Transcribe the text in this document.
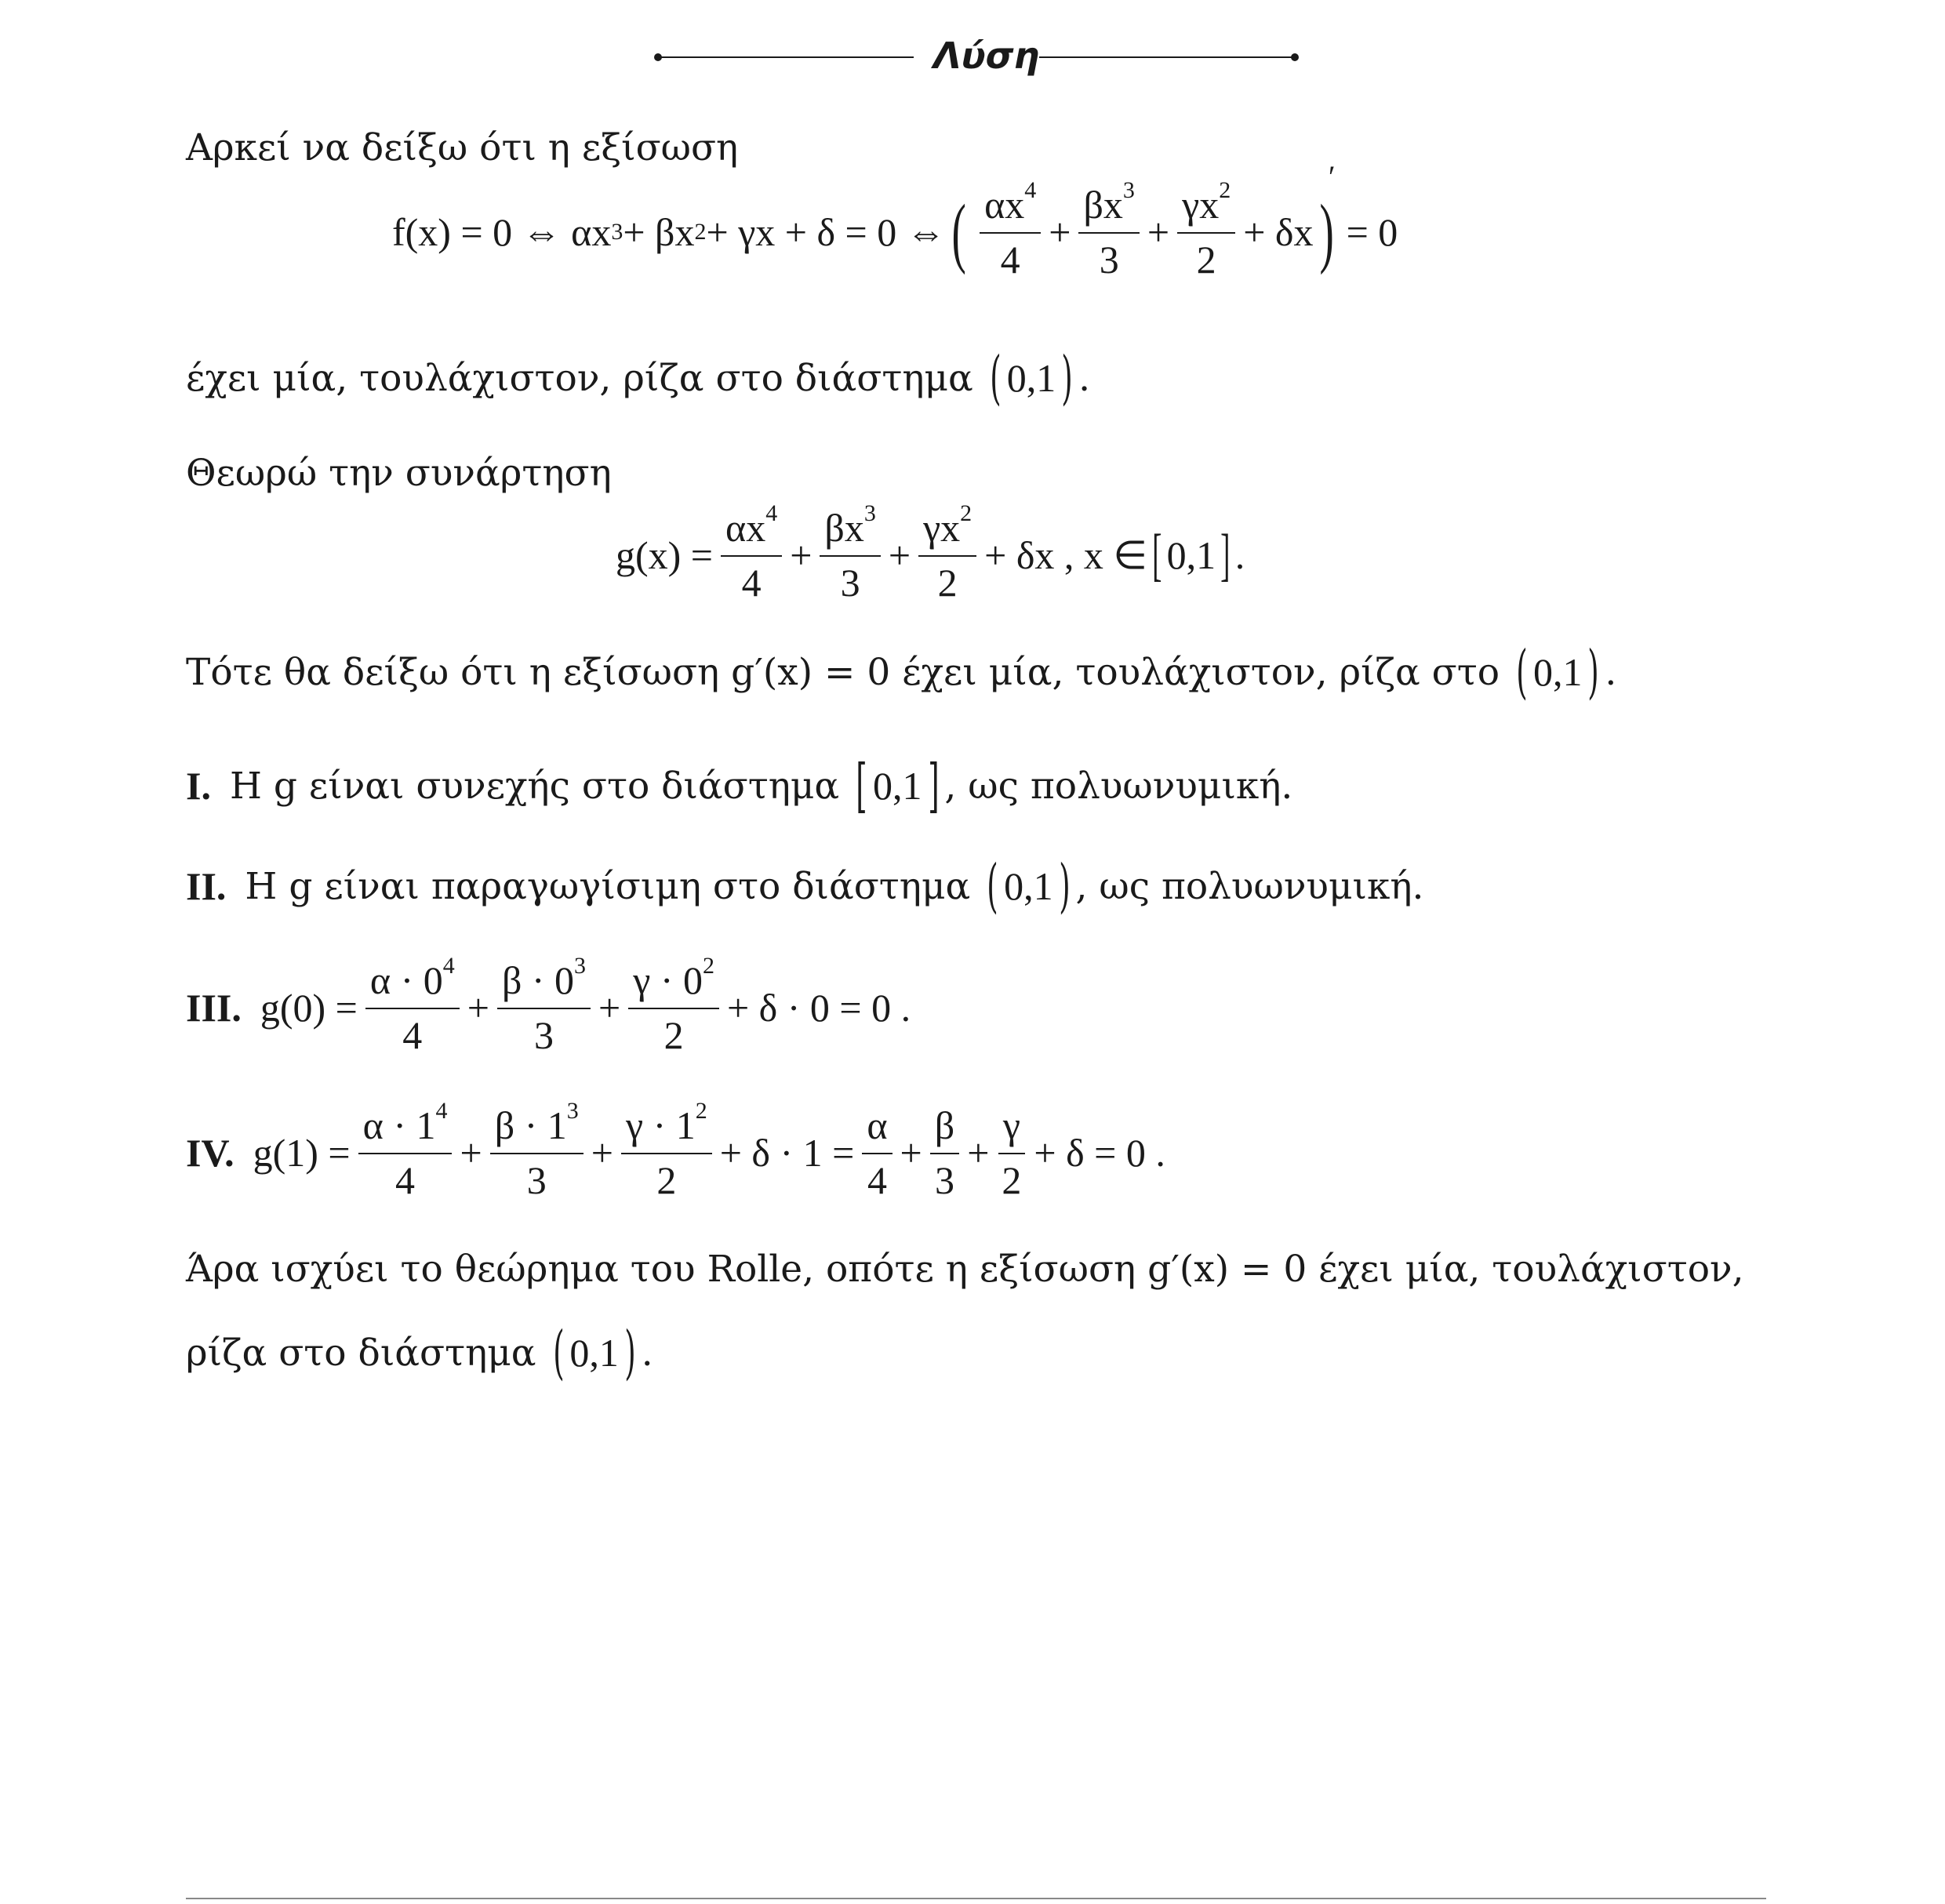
Λύση
Αρκεί να δείξω ότι η εξίσωση
f(x) = 0 ⇔ αx 3 + βx 2 + γx + δ = 0 ⇔ ( $\frac{\alpha x^4}{4} + \frac{\beta x^3}{3} + \frac{\gamma x^2}{2} + \delta x$ )
′
= 0
έχει μία, τουλάχιστον, ρίζα στο διάστημα ( 0,1 ) .
Θεωρώ την συνάρτηση
$g(x) = \frac{\alpha x^4}{4} + \frac{\beta x^3}{3} + \frac{\gamma x^2}{2} + \delta x$ , x ∈ [ 0,1 ] .
Τότε θα δείξω ότι η εξίσωση g′(x) = 0 έχει μία, τουλάχιστον, ρίζα στο ( 0,1 ) .
I. Η g είναι συνεχής στο διάστημα [ 0,1 ] , ως πολυωνυμική.
II. Η g είναι παραγωγίσιμη στο διάστημα ( 0,1 ) , ως πολυωνυμική.
III. $g(0) = \frac{\alpha \cdot 0^4}{4} + \frac{\beta \cdot 0^3}{3} + \frac{\gamma \cdot 0^2}{2} + \delta \cdot 0 = 0$ .
IV. $g(1) = \frac{\alpha \cdot 1^4}{4} + \frac{\beta \cdot 1^3}{3} + \frac{\gamma \cdot 1^2}{2} + \delta \cdot 1 = \frac{\alpha}{4} + \frac{\beta}{3} + \frac{\gamma}{2} + \delta = 0$ .
Άρα ισχύει το θεώρημα του Rolle, οπότε η εξίσωση g′(x) = 0 έχει μία, τουλάχιστον,
ρίζα στο διάστημα ( 0,1 ) .
